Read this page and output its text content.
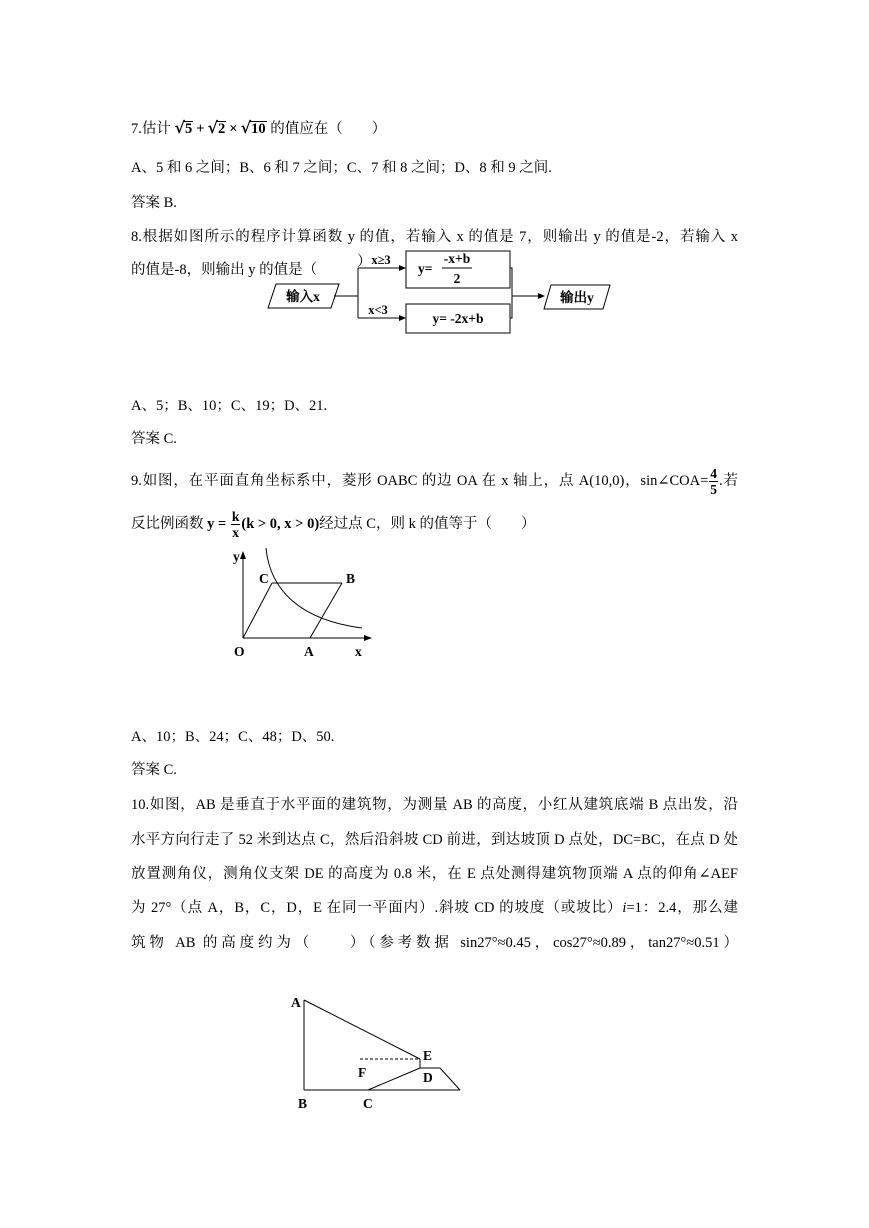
7.估计 √5 + √2 × √10 的值应在（　　）
A、5 和 6 之间；B、6 和 7 之间；C、7 和 8 之间；D、8 和 9 之间.
答案 B.
8.根据如图所示的程序计算函数 y 的值，若输入 x 的值是 7，则输出 y 的值是-2，若输入 x
的值是-8，则输出 y 的值是（	）
输入x
x≥3
y=
-x+b
2
x<3
y= -2x+b
输出y
A、5；B、10；C、19；D、21.
答案 C.
9.如图，在平面直角坐标系中，菱形 OABC 的边 OA 在 x 轴上，点 A(10,0)，sin∠COA= $\frac{4}{5}$ .若
反比例函数 $y = \frac{k}{x} (k > 0$, x > 0)经过点 C，则 k 的值等于（　　）
y
C	B
O	A	x
A、10；B、24；C、48；D、50.
答案 C.
10.如图，AB 是垂直于水平面的建筑物，为测量 AB 的高度，小红从建筑底端 B 点出发，沿
水平方向行走了 52 米到达点 C，然后沿斜坡 CD 前进，到达坡顶 D 点处，DC=BC，在点 D 处
放置测角仪，测角仪支架 DE 的高度为 0.8 米，在 E 点处测得建筑物顶端 A 点的仰角∠AEF
为 27°（点 A，B，C，D，E 在同一平面内）.斜坡 CD 的坡度（或坡比）i=1：2.4，那么建
筑物 AB 的高度约为（　　）（参考数据 sin27°≈0.45，cos27°≈0.89，tan27°≈0.51）
A
E
F	D
B	C
